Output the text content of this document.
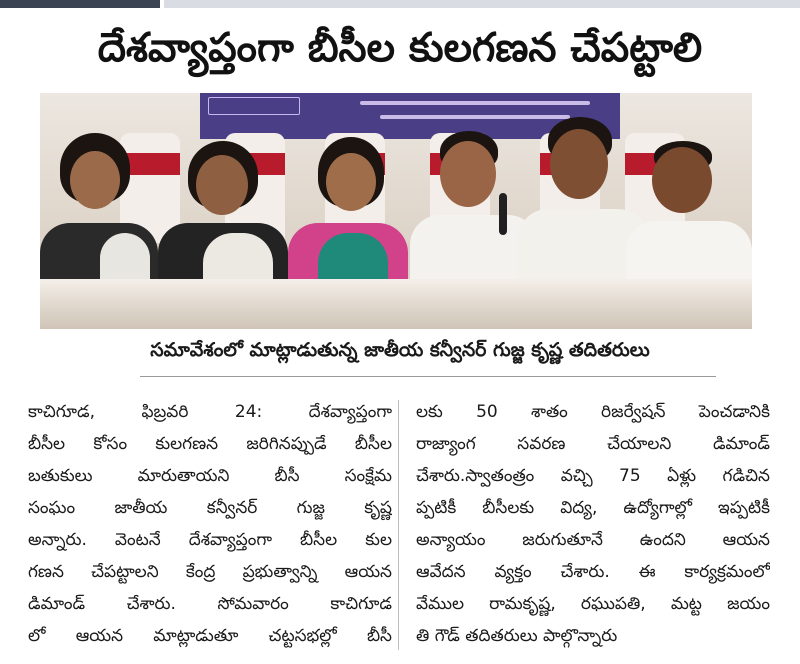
దేశవ్యాప్తంగా బీసీల కులగణన చేపట్టాలి
సమావేశంలో మాట్లాడుతున్న జాతీయ కన్వీనర్ గుజ్జ కృష్ణ తదితరులు
కాచిగూడ, ఫిబ్రవరి 24: దేశవ్యాప్తంగా
బీసీల కోసం కులగణన జరిగినప్పుడే బీసీల
బతుకులు మారుతాయని బీసీ సంక్షేమ
సంఘం జాతీయ కన్వీనర్ గుజ్జ కృష్ణ
అన్నారు. వెంటనే దేశవ్యాప్తంగా బీసీల కుల
గణన చేపట్టాలని కేంద్ర ప్రభుత్వాన్ని ఆయన
డిమాండ్ చేశారు. సోమవారం కాచిగూడ
లో ఆయన మాట్లాడుతూ చట్టసభల్లో బీసీ
లకు 50 శాతం రిజర్వేషన్ పెంచడానికి
రాజ్యాంగ సవరణ చేయాలని డిమాండ్
చేశారు.స్వాతంత్రం వచ్చి 75 ఏళ్లు గడిచిన
ప్పటికీ బీసీలకు విద్య, ఉద్యోగాల్లో ఇప్పటికీ
అన్యాయం జరుగుతూనే ఉందని ఆయన
ఆవేదన వ్యక్తం చేశారు. ఈ కార్యక్రమంలో
వేముల రామకృష్ణ, రఘుపతి, మట్ట జయం
తి గౌడ్ తదితరులు పాల్గొన్నారు
